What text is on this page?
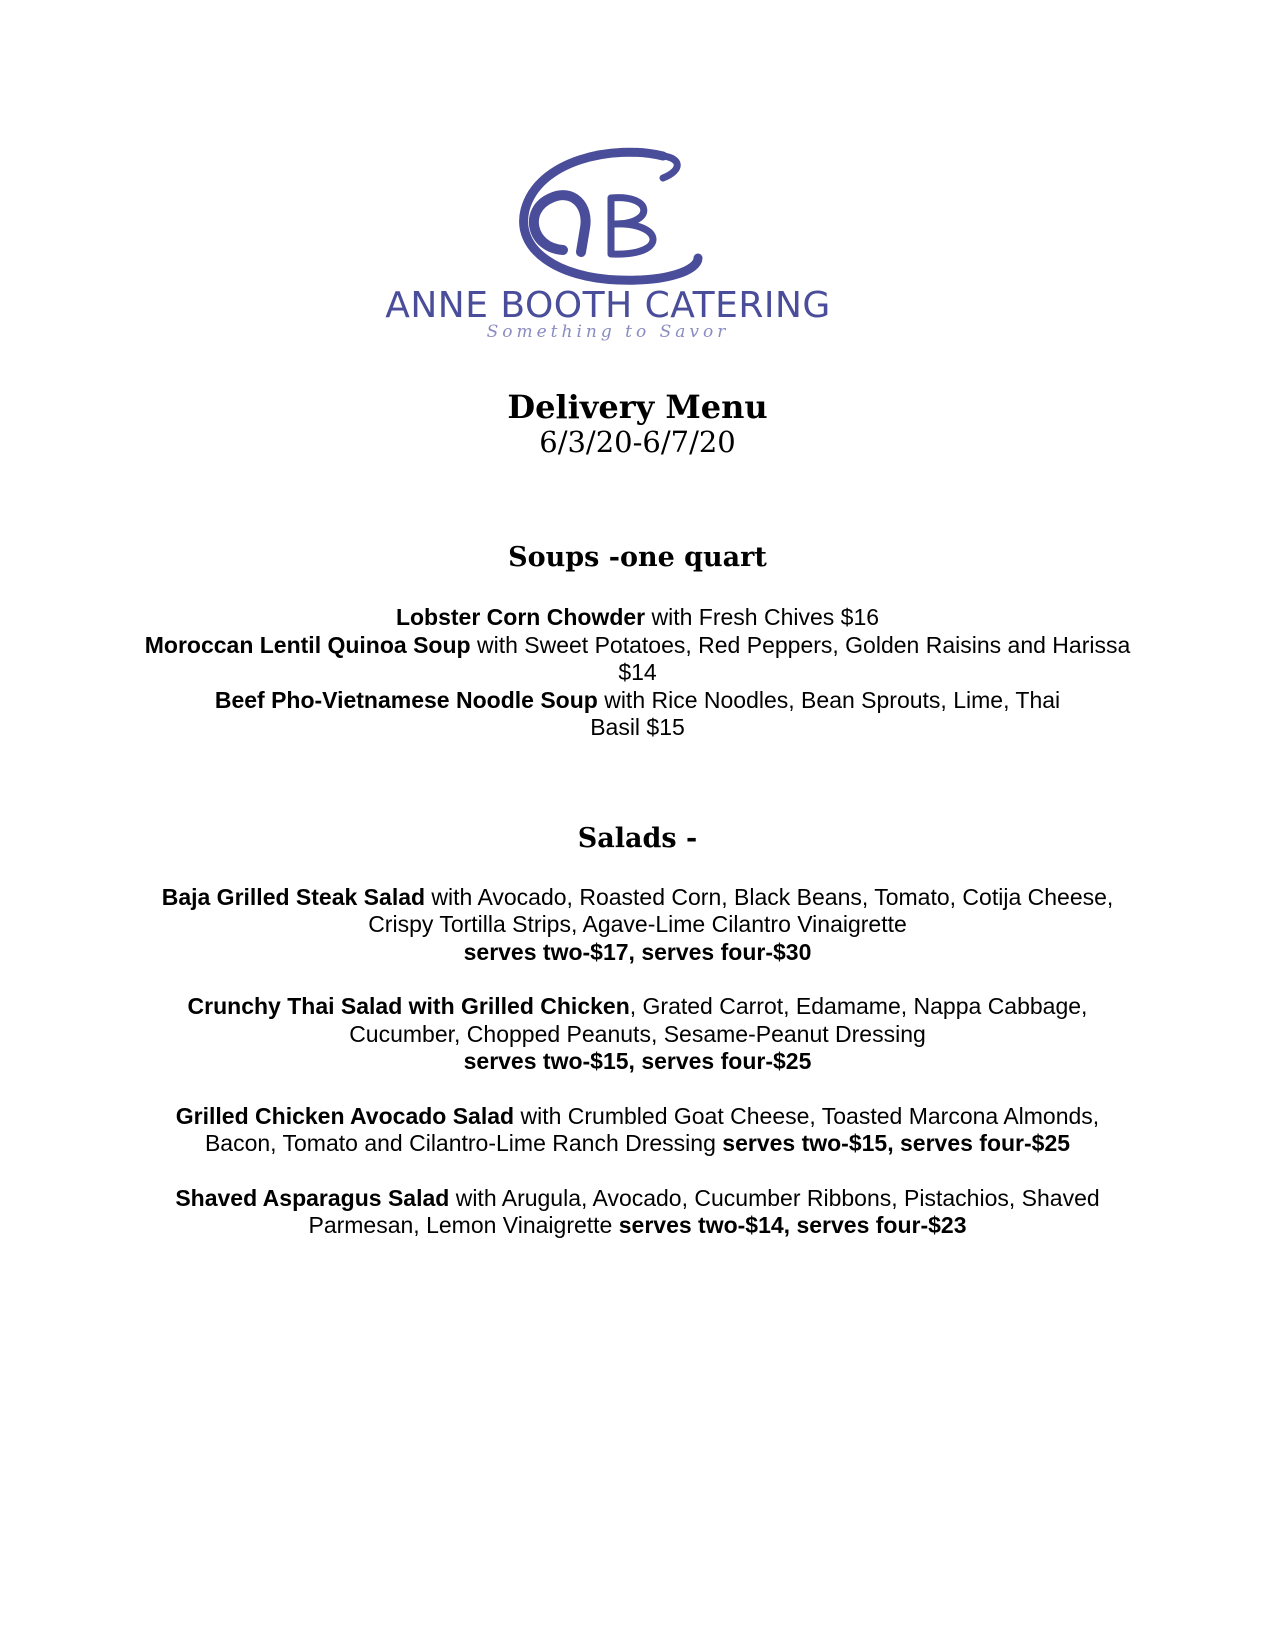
AB
ANNE BOOTH CATERING
Something to Savor
Delivery Menu
6/3/20-6/7/20
Soups -one quart
Lobster Corn Chowder with Fresh Chives $16
Moroccan Lentil Quinoa Soup with Sweet Potatoes, Red Peppers, Golden Raisins and Harissa
$14
Beef Pho-Vietnamese Noodle Soup with Rice Noodles, Bean Sprouts, Lime, Thai
Basil $15
Salads -
Baja Grilled Steak Salad with Avocado, Roasted Corn, Black Beans, Tomato, Cotija Cheese,
Crispy Tortilla Strips, Agave-Lime Cilantro Vinaigrette
serves two-$17, serves four-$30
Crunchy Thai Salad with Grilled Chicken, Grated Carrot, Edamame, Nappa Cabbage,
Cucumber, Chopped Peanuts, Sesame-Peanut Dressing
serves two-$15, serves four-$25
Grilled Chicken Avocado Salad with Crumbled Goat Cheese, Toasted Marcona Almonds,
Bacon, Tomato and Cilantro-Lime Ranch Dressing serves two-$15, serves four-$25
Shaved Asparagus Salad with Arugula, Avocado, Cucumber Ribbons, Pistachios, Shaved
Parmesan, Lemon Vinaigrette serves two-$14, serves four-$23
